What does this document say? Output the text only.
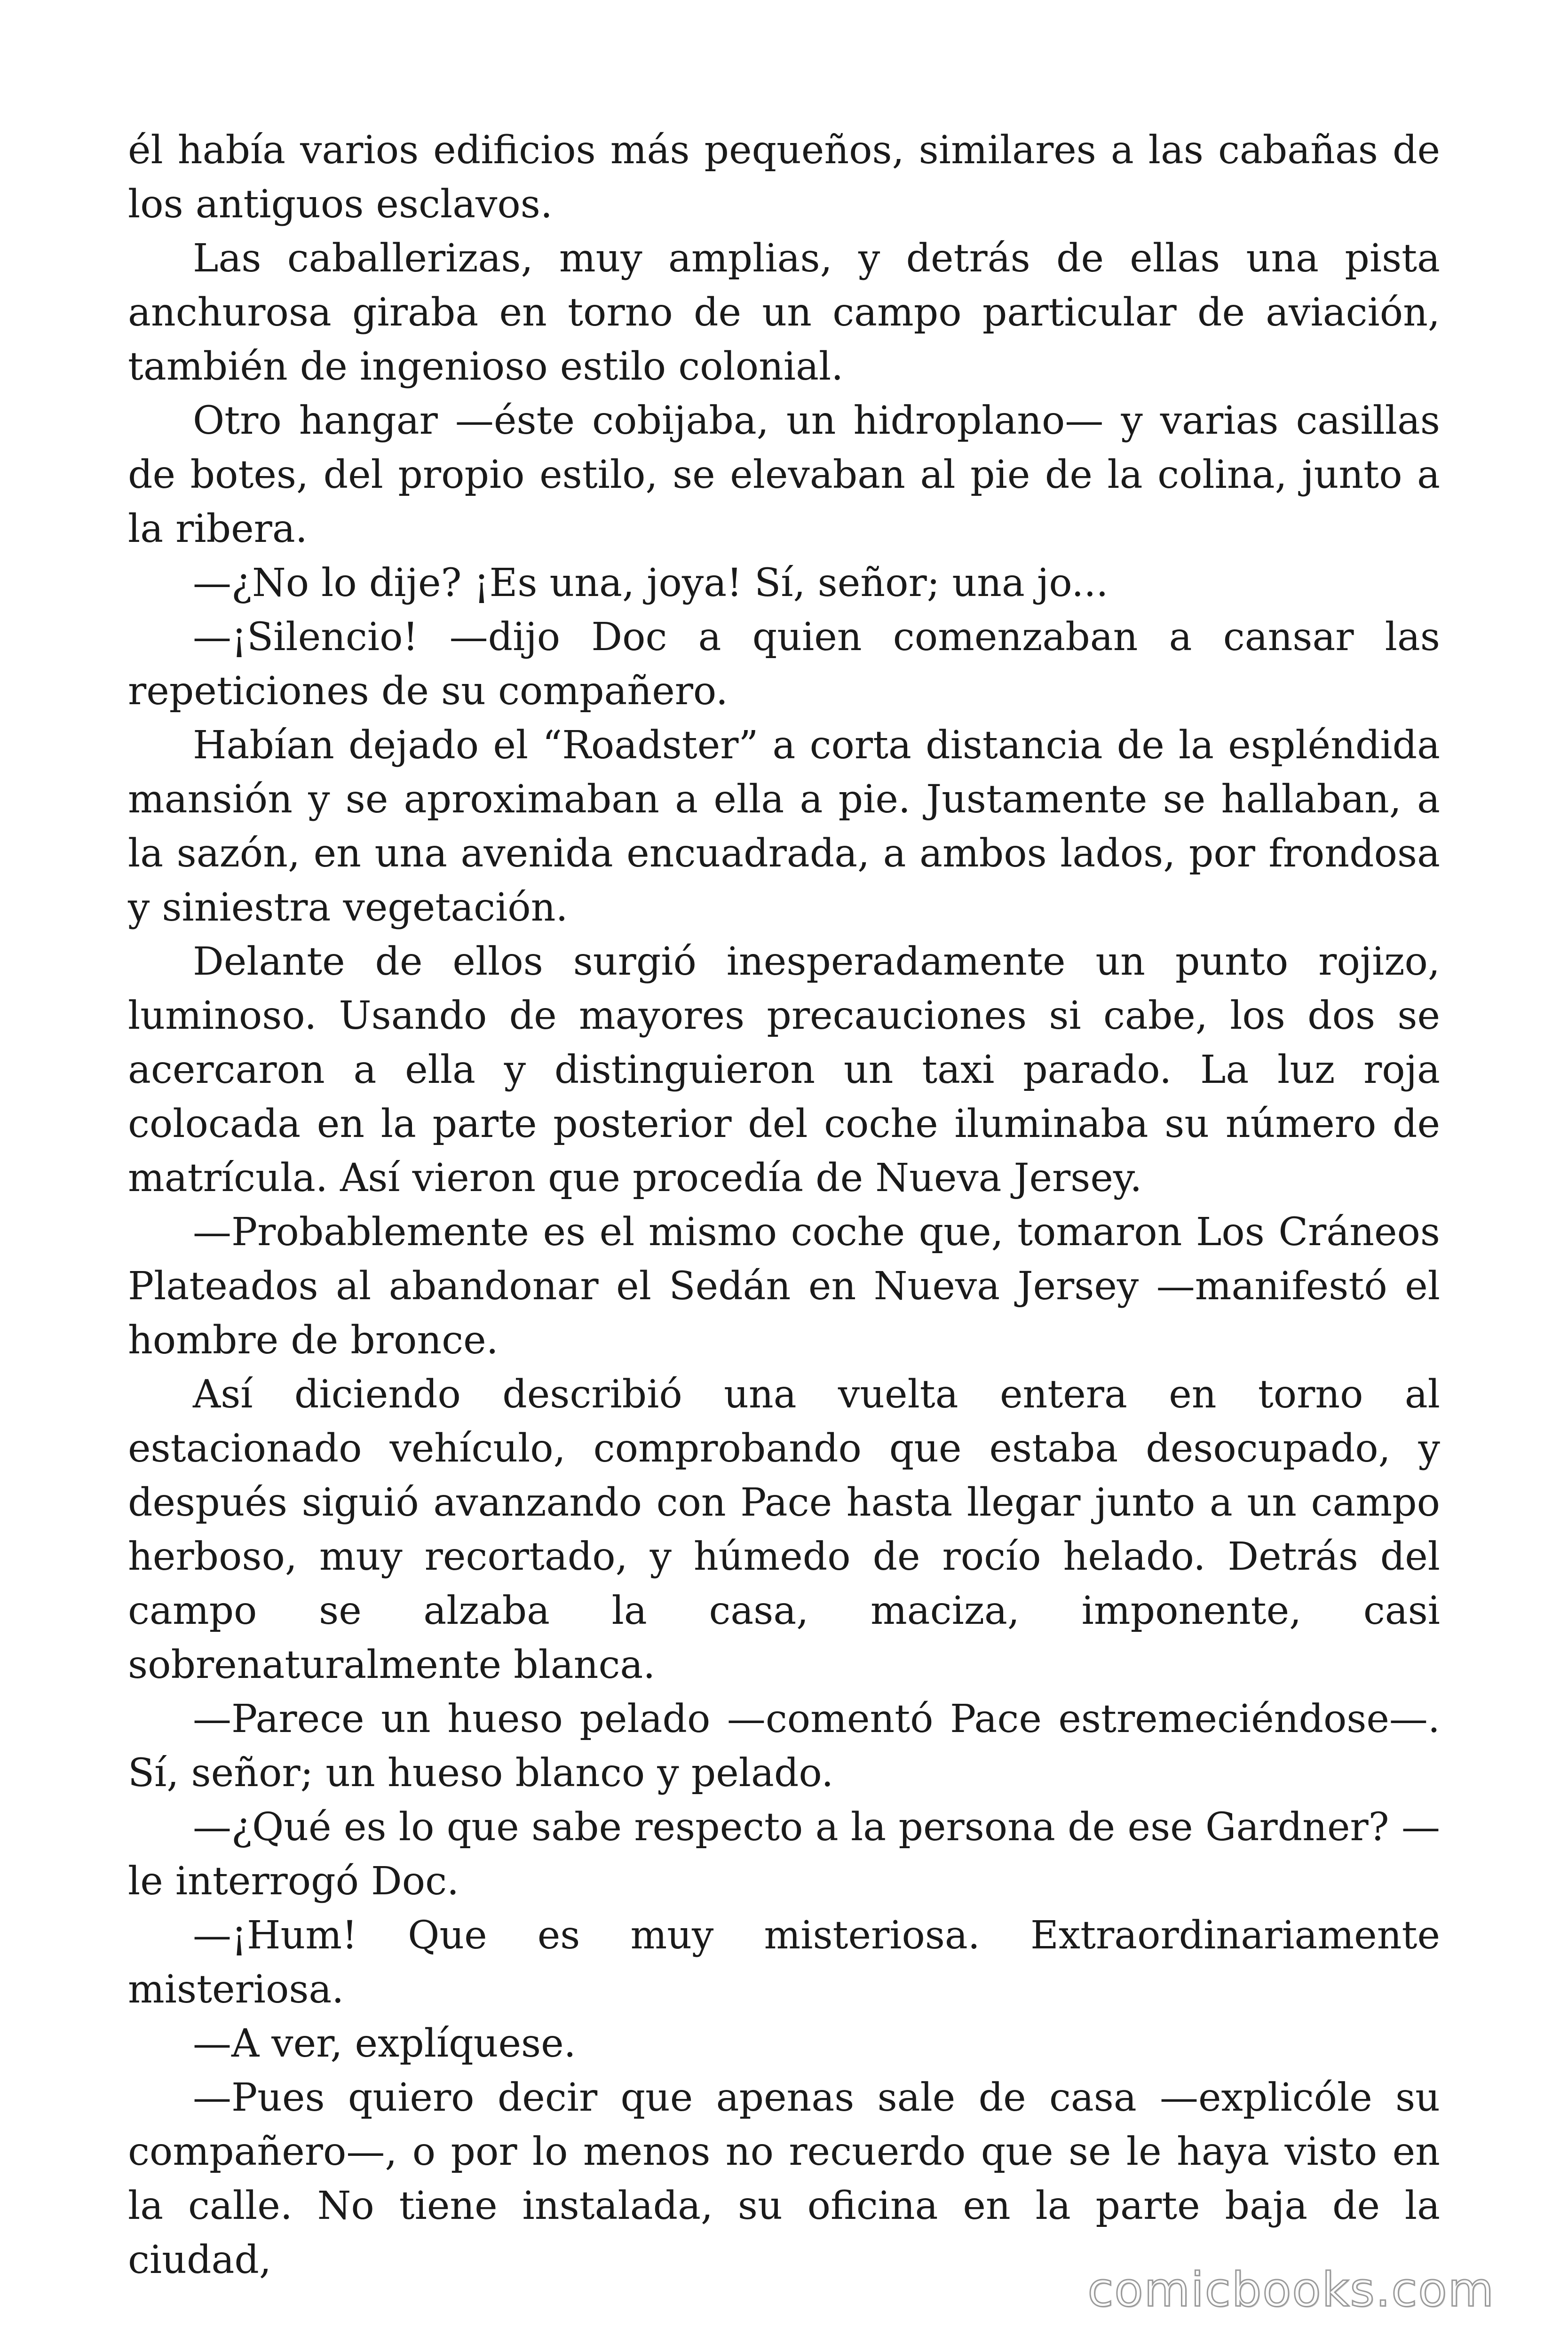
él había varios edificios más pequeños, similares a las cabañas de los antiguos esclavos.

Las caballerizas, muy amplias, y detrás de ellas una pista anchurosa giraba en torno de un campo particular de aviación, también de ingenioso estilo colonial.

Otro hangar —éste cobijaba, un hidroplano— y varias casillas de botes, del propio estilo, se elevaban al pie de la colina, junto a la ribera.

—¿No lo dije? ¡Es una, joya! Sí, señor; una jo...

—¡Silencio! —dijo Doc a quien comenzaban a cansar las repeticiones de su compañero.

Habían dejado el “Roadster” a corta distancia de la espléndida mansión y se aproximaban a ella a pie. Justamente se hallaban, a la sazón, en una avenida encuadrada, a ambos lados, por frondosa y siniestra vegetación.

Delante de ellos surgió inesperadamente un punto rojizo, luminoso. Usando de mayores precauciones si cabe, los dos se acercaron a ella y distinguieron un taxi parado. La luz roja colocada en la parte posterior del coche iluminaba su número de matrícula. Así vieron que procedía de Nueva Jersey.

—Probablemente es el mismo coche que, tomaron Los Cráneos Plateados al abandonar el Sedán en Nueva Jersey —manifestó el hombre de bronce.

Así diciendo describió una vuelta entera en torno al estacionado vehículo, comprobando que estaba desocupado, y después siguió avanzando con Pace hasta llegar junto a un campo herboso, muy recortado, y húmedo de rocío helado. Detrás del campo se alzaba la casa, maciza, imponente, casi sobrenaturalmente blanca.

—Parece un hueso pelado —comentó Pace estremeciéndose—. Sí, señor; un hueso blanco y pelado.

—¿Qué es lo que sabe respecto a la persona de ese Gardner? —le interrogó Doc.

—¡Hum! Que es muy misteriosa. Extraordinariamente misteriosa.

—A ver, explíquese.

—Pues quiero decir que apenas sale de casa —explicóle su compañero—, o por lo menos no recuerdo que se le haya visto en la calle. No tiene instalada, su oficina en la parte baja de la ciudad,

comicbooks.com
